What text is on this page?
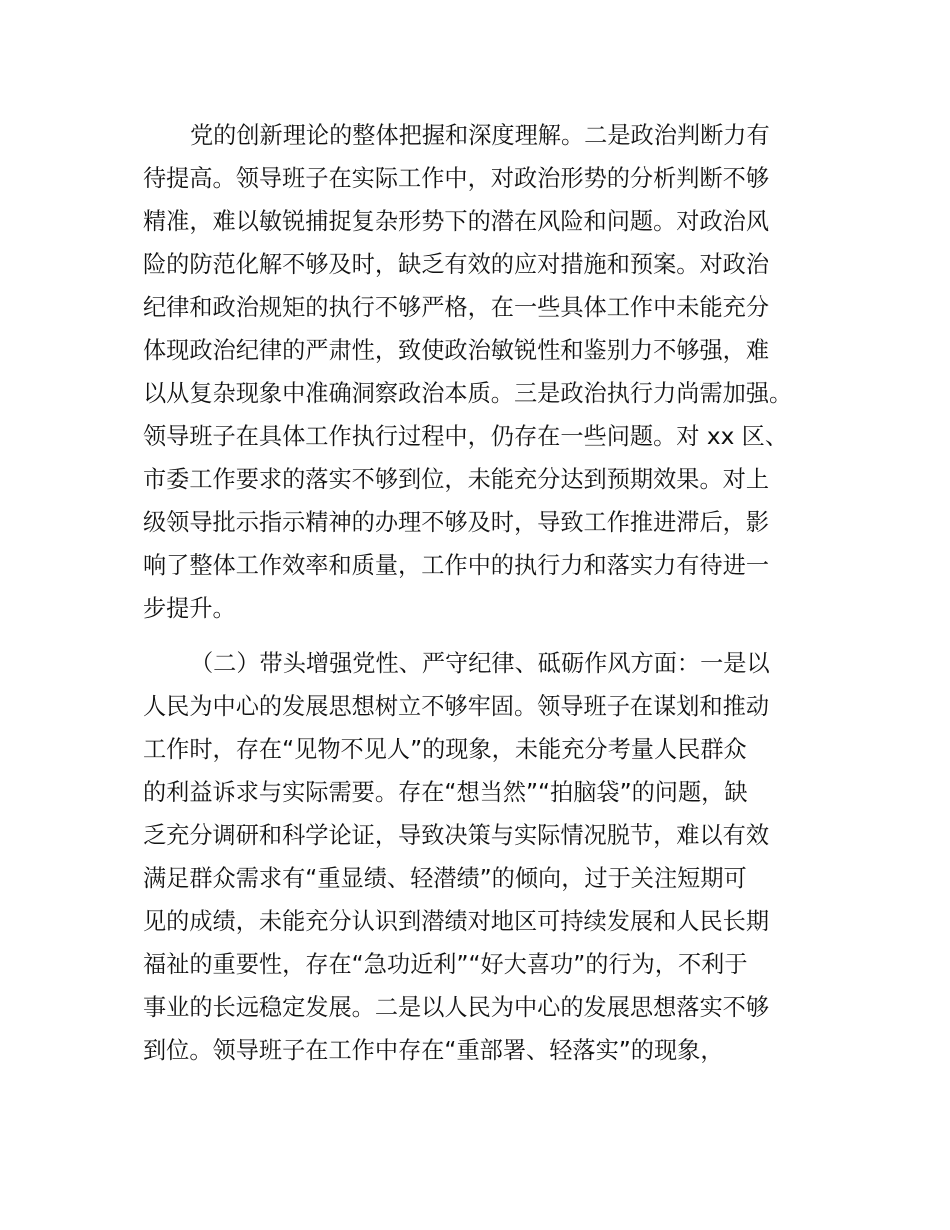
党的创新理论的整体把握和深度理解。二是政治判断力有
待提高。领导班子在实际工作中，对政治形势的分析判断不够
精准，难以敏锐捕捉复杂形势下的潜在风险和问题。对政治风
险的防范化解不够及时，缺乏有效的应对措施和预案。对政治
纪律和政治规矩的执行不够严格，在一些具体工作中未能充分
体现政治纪律的严肃性，致使政治敏锐性和鉴别力不够强，难
以从复杂现象中准确洞察政治本质。三是政治执行力尚需加强。
领导班子在具体工作执行过程中，仍存在一些问题。对 xx 区、
市委工作要求的落实不够到位，未能充分达到预期效果。对上
级领导批示指示精神的办理不够及时，导致工作推进滞后，影
响了整体工作效率和质量，工作中的执行力和落实力有待进一
步提升。
（二）带头增强党性、严守纪律、砥砺作风方面：一是以
人民为中心的发展思想树立不够牢固。领导班子在谋划和推动
工作时，存在“见物不见人”的现象，未能充分考量人民群众
的利益诉求与实际需要。存在“想当然”“拍脑袋”的问题，缺
乏充分调研和科学论证，导致决策与实际情况脱节，难以有效
满足群众需求有“重显绩、轻潜绩”的倾向，过于关注短期可
见的成绩，未能充分认识到潜绩对地区可持续发展和人民长期
福祉的重要性，存在“急功近利”“好大喜功”的行为，不利于
事业的长远稳定发展。二是以人民为中心的发展思想落实不够
到位。领导班子在工作中存在“重部署、轻落实”的现象，
